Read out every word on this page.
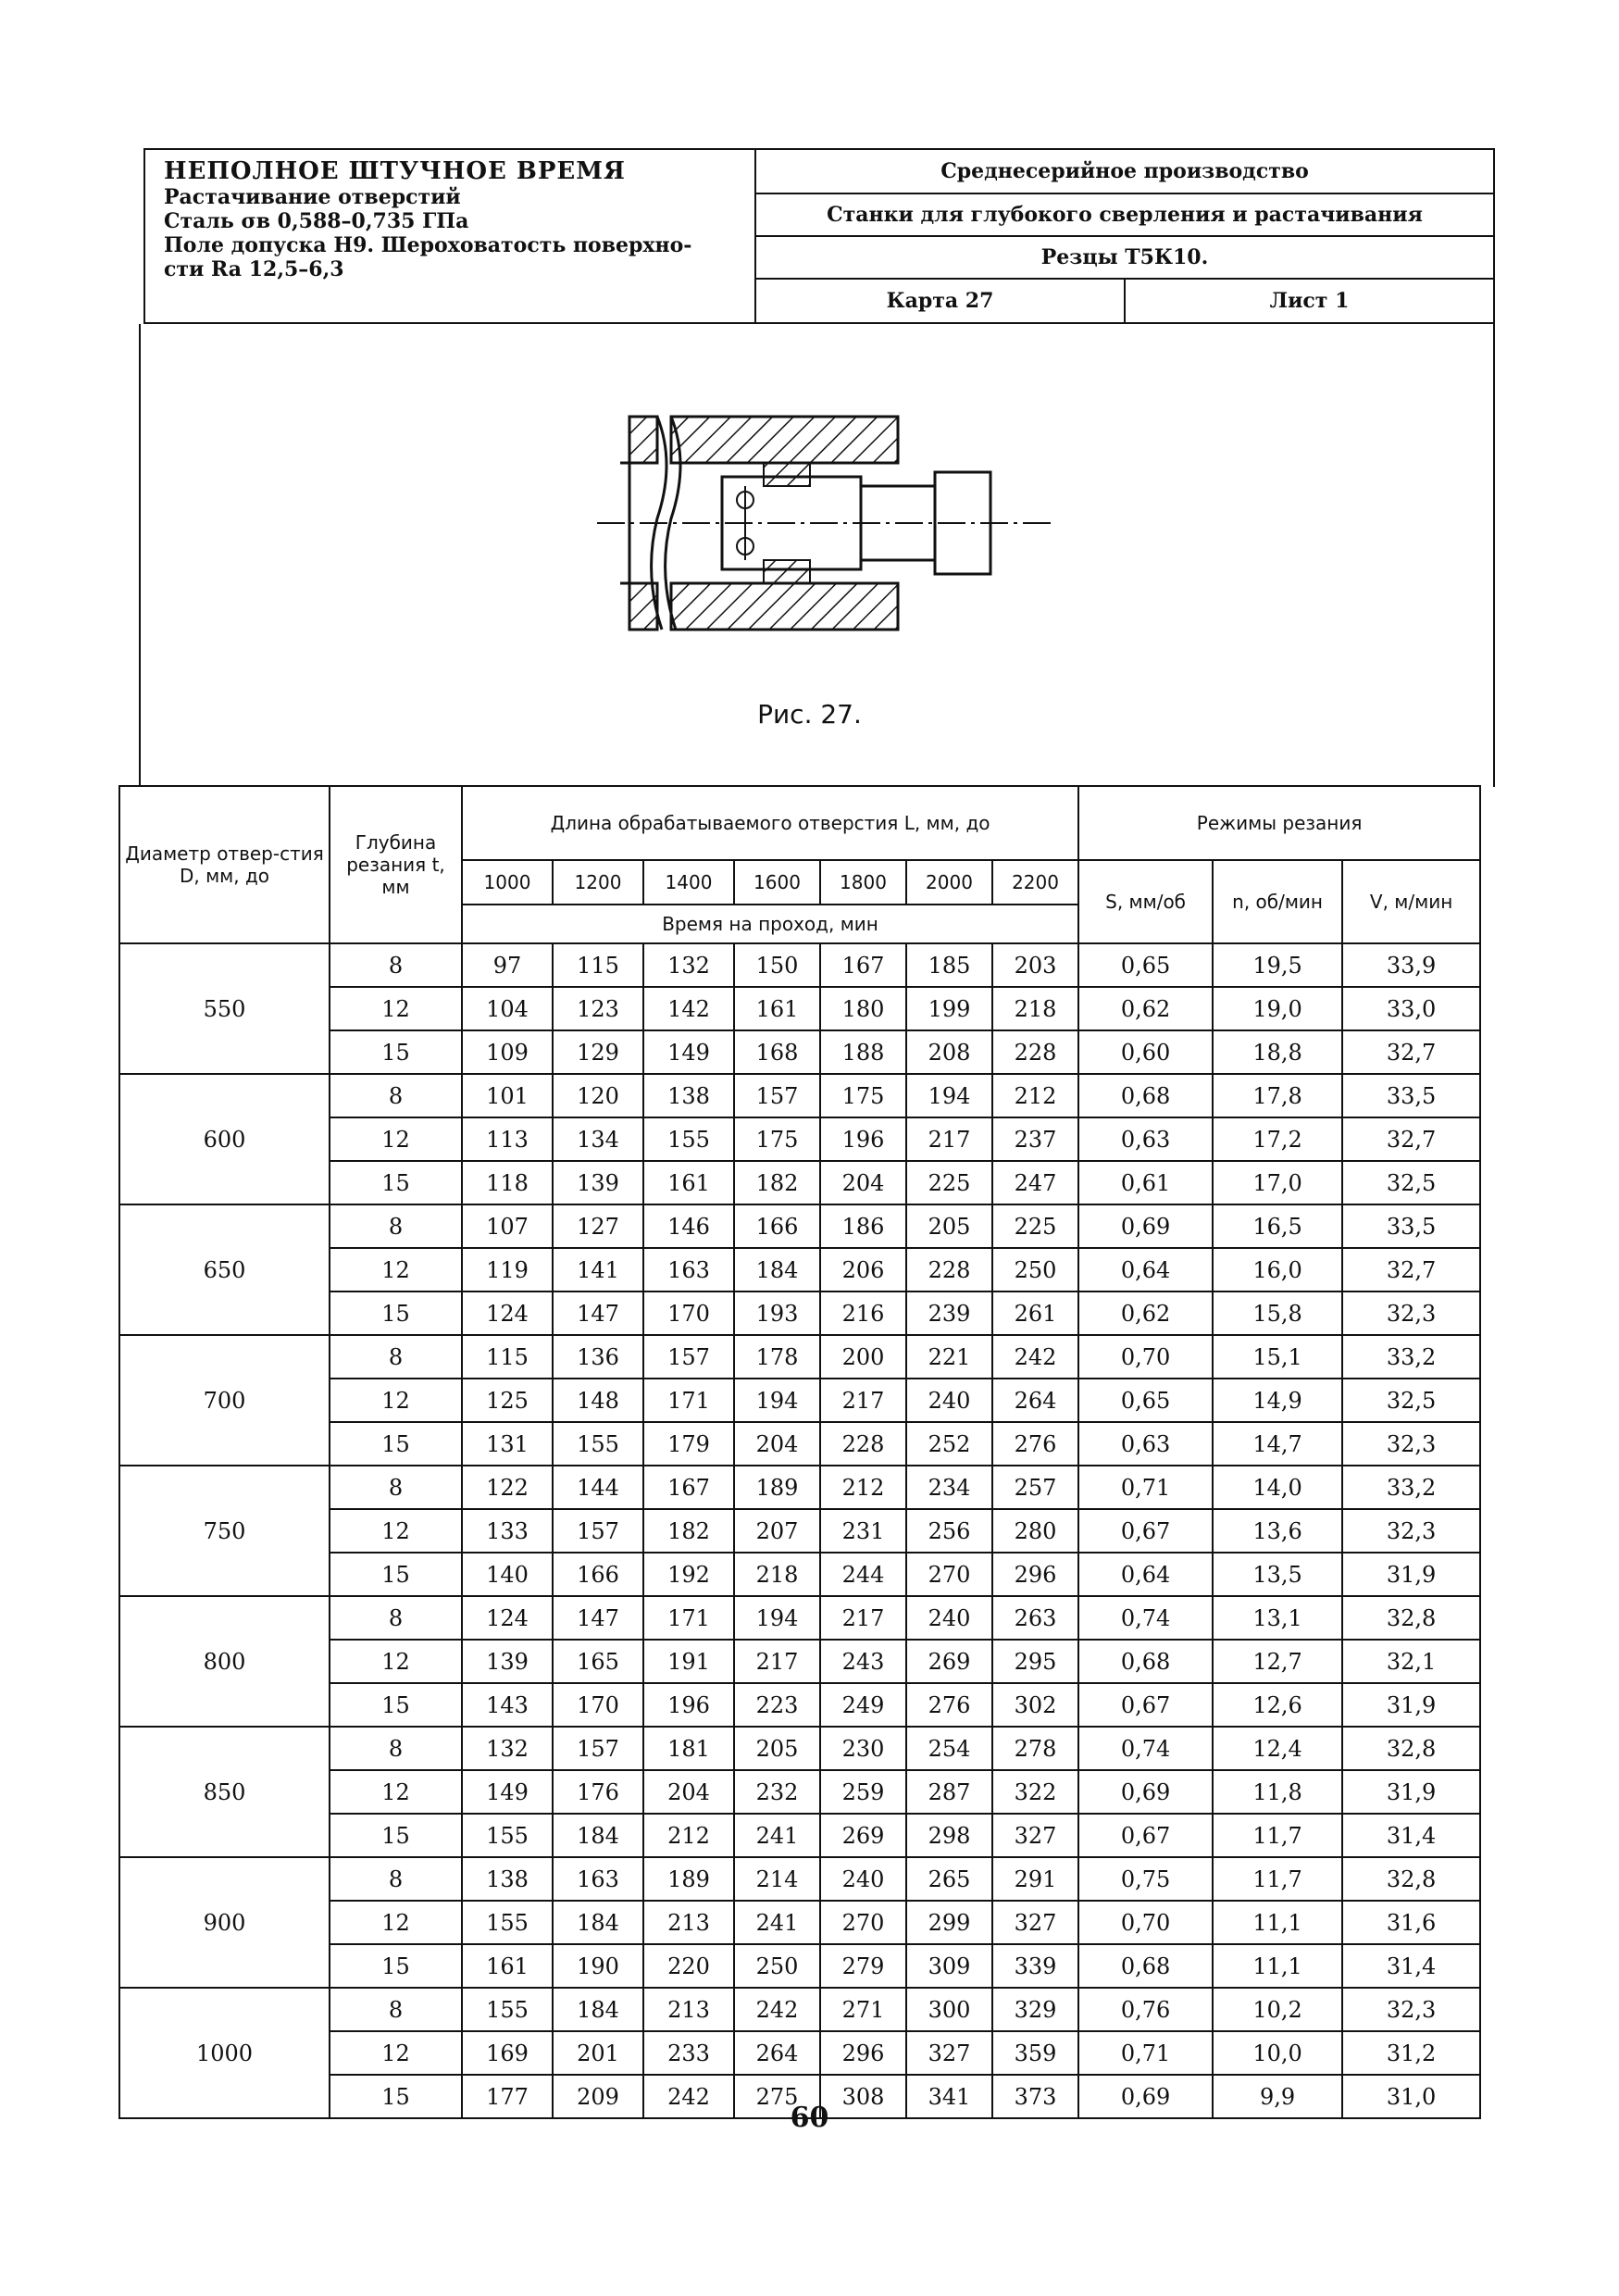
НЕПОЛНОЕ ШТУЧНОЕ ВРЕМЯ
Растачивание отверстий
Сталь σв 0,588–0,735 ГПа
Поле допуска Н9. Шероховатость поверхно-
сти Ra 12,5–6,3
Среднесерийное производство
Станки для глубокого сверления и растачивания
Резцы Т5К10.
Карта 27	Лист 1
Рис. 27.
Диаметр отвер-стия D, мм, до	Глубина резания t, мм	Длина обрабатываемого отверстия L, мм, до							Режимы резания		
		1000	1200	1400	1600	1800	2000	2200	S, мм/об	n, об/мин	V, м/мин
		Время на проход, мин									
550	8	97	115	132	150	167	185	203	0,65	19,5	33,9
	12	104	123	142	161	180	199	218	0,62	19,0	33,0
	15	109	129	149	168	188	208	228	0,60	18,8	32,7
600	8	101	120	138	157	175	194	212	0,68	17,8	33,5
	12	113	134	155	175	196	217	237	0,63	17,2	32,7
	15	118	139	161	182	204	225	247	0,61	17,0	32,5
650	8	107	127	146	166	186	205	225	0,69	16,5	33,5
	12	119	141	163	184	206	228	250	0,64	16,0	32,7
	15	124	147	170	193	216	239	261	0,62	15,8	32,3
700	8	115	136	157	178	200	221	242	0,70	15,1	33,2
	12	125	148	171	194	217	240	264	0,65	14,9	32,5
	15	131	155	179	204	228	252	276	0,63	14,7	32,3
750	8	122	144	167	189	212	234	257	0,71	14,0	33,2
	12	133	157	182	207	231	256	280	0,67	13,6	32,3
	15	140	166	192	218	244	270	296	0,64	13,5	31,9
800	8	124	147	171	194	217	240	263	0,74	13,1	32,8
	12	139	165	191	217	243	269	295	0,68	12,7	32,1
	15	143	170	196	223	249	276	302	0,67	12,6	31,9
850	8	132	157	181	205	230	254	278	0,74	12,4	32,8
	12	149	176	204	232	259	287	322	0,69	11,8	31,9
	15	155	184	212	241	269	298	327	0,67	11,7	31,4
900	8	138	163	189	214	240	265	291	0,75	11,7	32,8
	12	155	184	213	241	270	299	327	0,70	11,1	31,6
	15	161	190	220	250	279	309	339	0,68	11,1	31,4
1000	8	155	184	213	242	271	300	329	0,76	10,2	32,3
	12	169	201	233	264	296	327	359	0,71	10,0	31,2
	15	177	209	242	275	308	341	373	0,69	9,9	31,0
60
